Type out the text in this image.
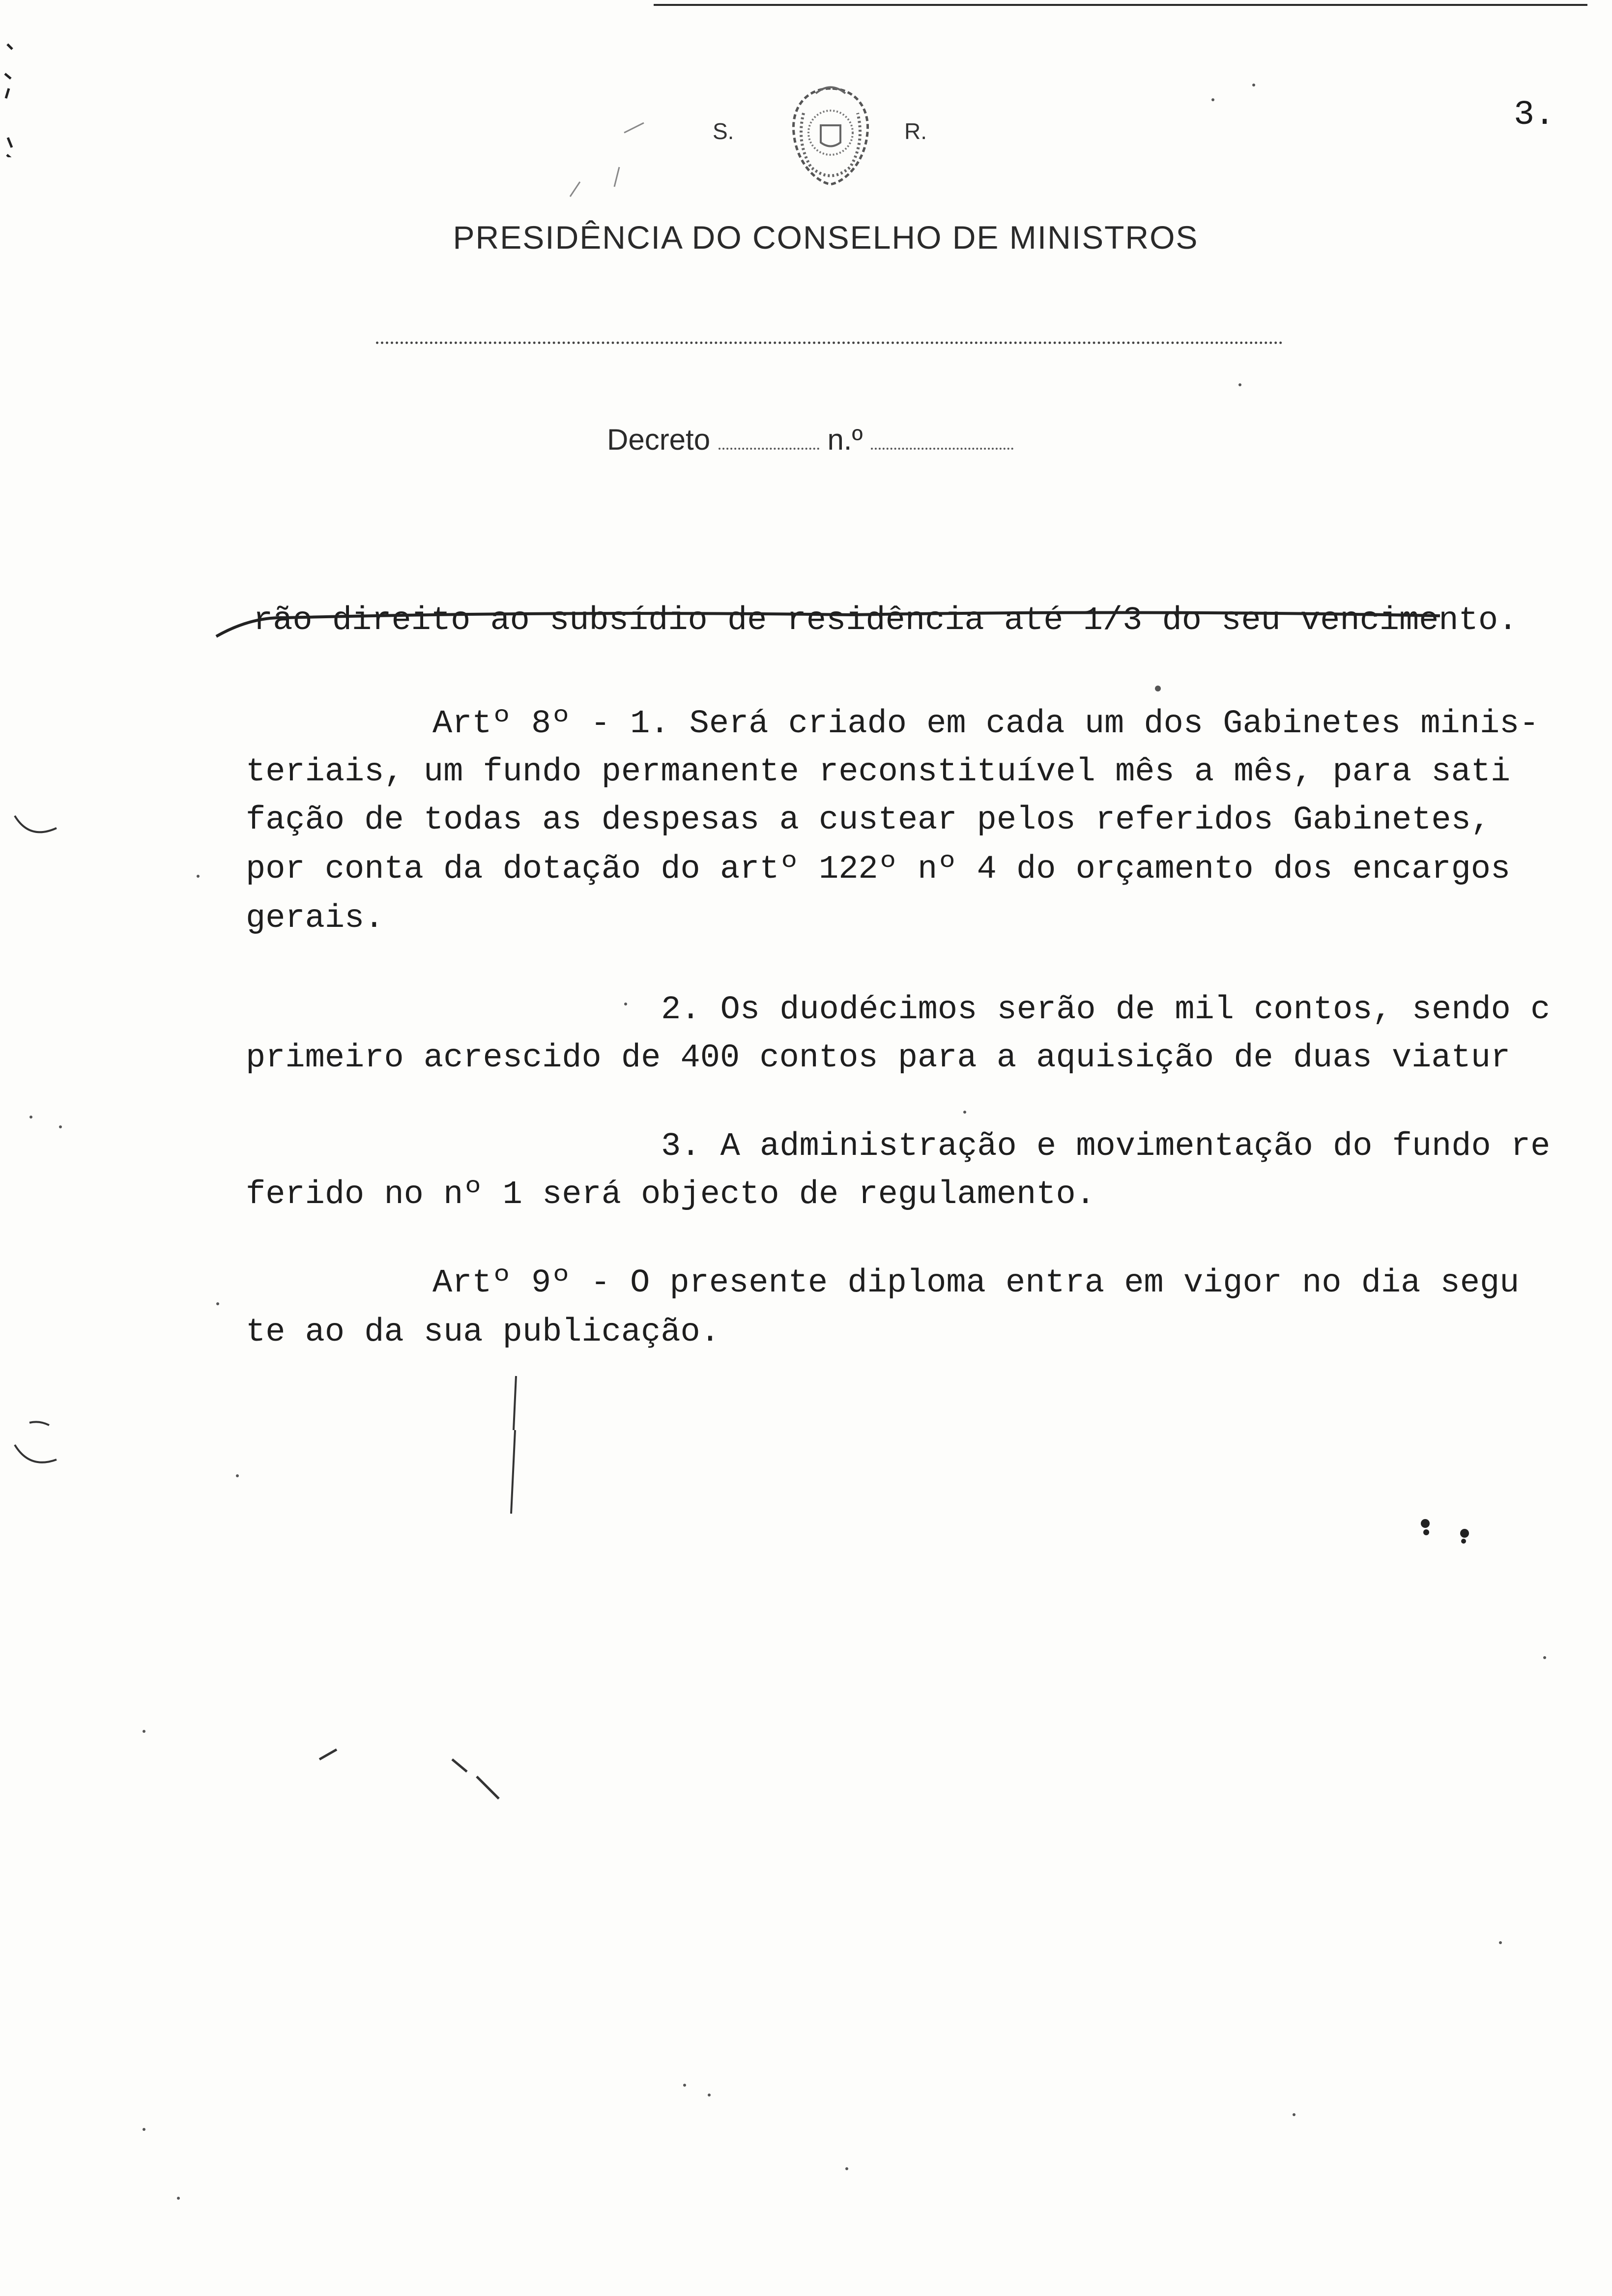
3.
S.	R.
PRESIDÊNCIA DO CONSELHO DE MINISTROS
Decreto	n.º
rão direito ao subsídio de residência até 1/3 do seu vencimento.
Artº 8º - 1. Será criado em cada um dos Gabinetes minis-
teriais, um fundo permanente reconstituível mês a mês, para sati
fação de todas as despesas a custear pelos referidos Gabinetes,
por conta da dotação do artº 122º nº 4 do orçamento dos encargos
gerais.
2. Os duodécimos serão de mil contos, sendo c
primeiro acrescido de 400 contos para a aquisição de duas viatur
3. A administração e movimentação do fundo re
ferido no nº 1 será objecto de regulamento.
Artº 9º - O presente diploma entra em vigor no dia segu
te ao da sua publicação.
